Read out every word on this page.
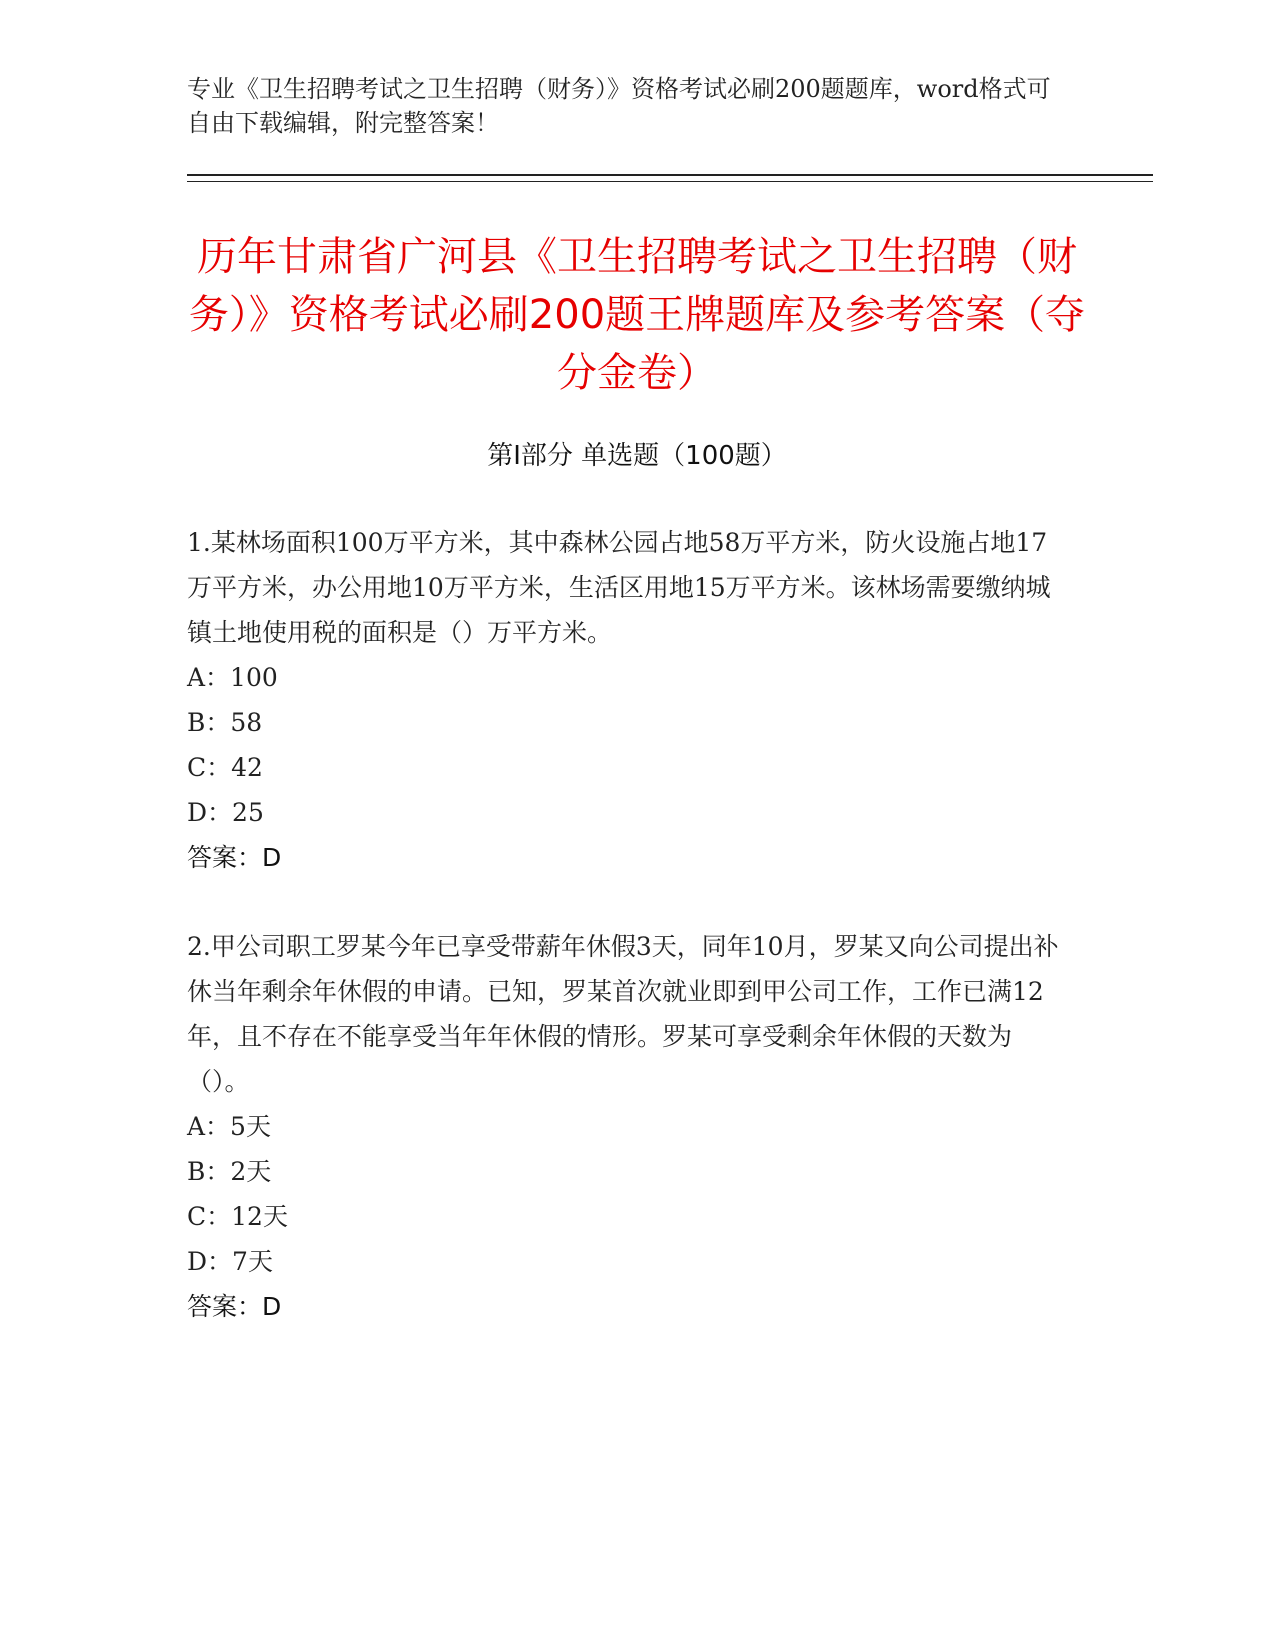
专业《卫生招聘考试之卫生招聘（财务）》资格考试必刷200题题库，word格式可自由下载编辑，附完整答案！
历年甘肃省广河县《卫生招聘考试之卫生招聘（财务）》资格考试必刷200题王牌题库及参考答案（夺分金卷）
第Ⅰ部分 单选题（100题）
1.某林场面积100万平方米，其中森林公园占地58万平方米，防火设施占地17万平方米，办公用地10万平方米，生活区用地15万平方米。该林场需要缴纳城镇土地使用税的面积是（）万平方米。
A：100
B：58
C：42
D：25
答案：D
2.甲公司职工罗某今年已享受带薪年休假3天，同年10月，罗某又向公司提出补休当年剩余年休假的申请。已知，罗某首次就业即到甲公司工作，工作已满12年，且不存在不能享受当年年休假的情形。罗某可享受剩余年休假的天数为（）。
A：5天
B：2天
C：12天
D：7天
答案：D
